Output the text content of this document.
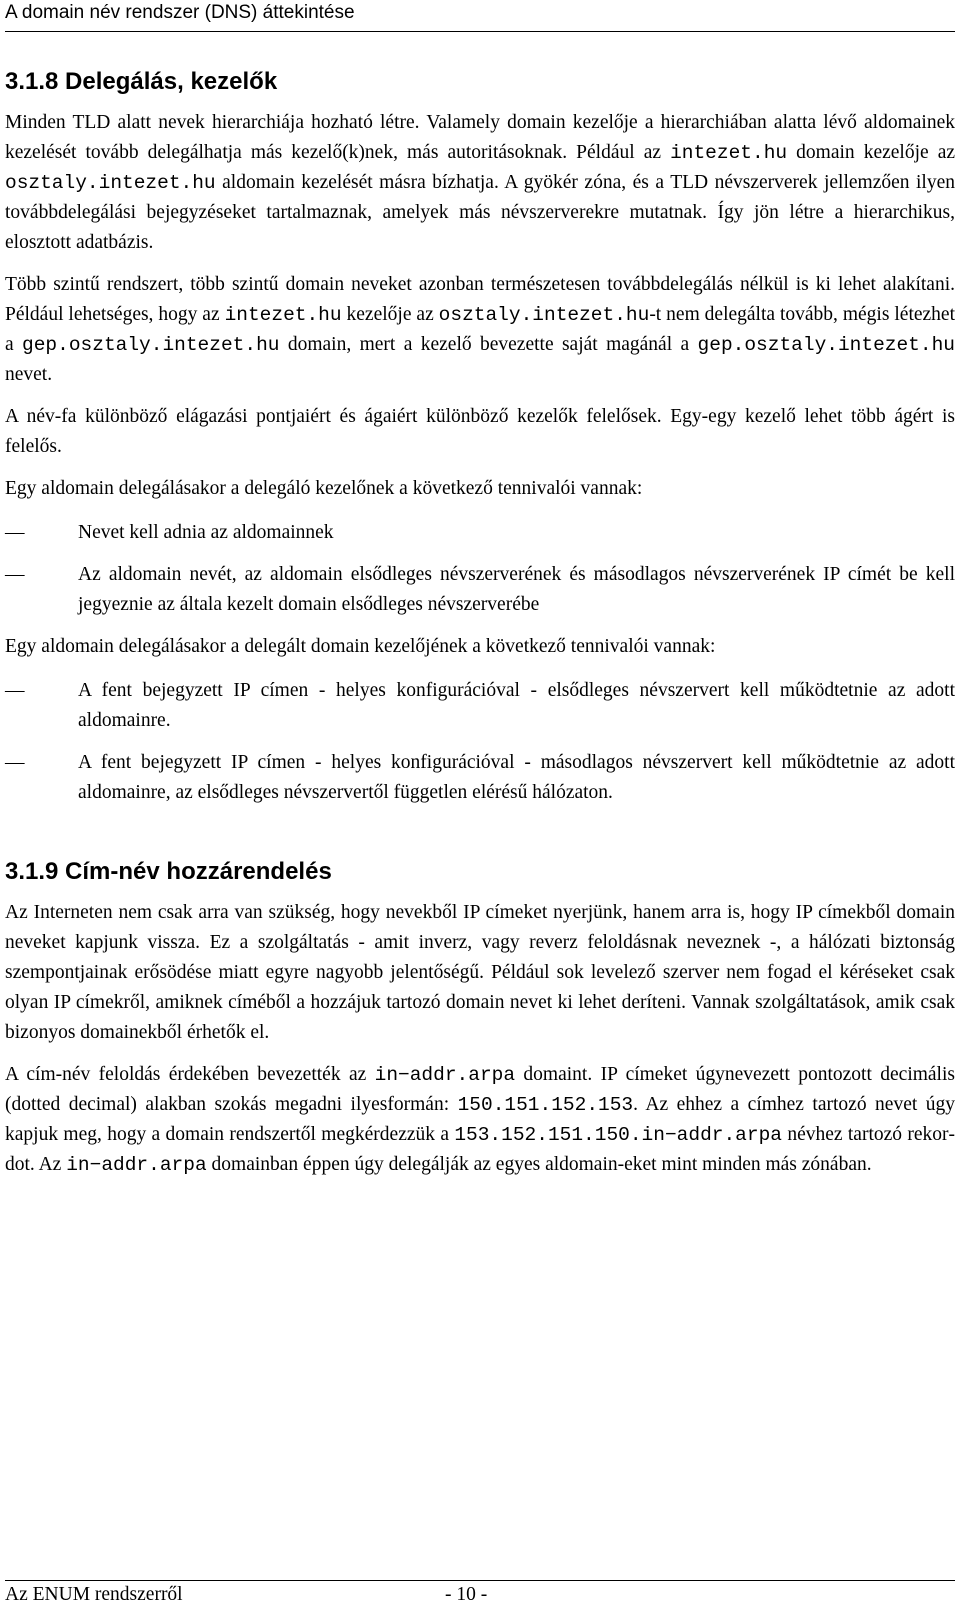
A domain név rendszer (DNS) áttekintése
3.1.8 Delegálás, kezelők

Minden TLD alatt nevek hierarchiája hozható létre. Valamely domain kezelője a hierarchiában alatta lévő aldomainek kezelését tovább delegálhatja más kezelő(k)nek, más autoritásoknak. Például az intezet.hu domain kezelője az osztaly.intezet.hu aldomain kezelését másra bízhatja. A gyökér zóna, és a TLD névszerverek jellemzően ilyen továbbdelegálási bejegyzéseket tartalmaznak, amelyek más névszerverekre mutatnak. Így jön létre a hierarchikus, elosztott adatbázis.

Több szintű rendszert, több szintű domain neveket azonban természetesen továbbdelegálás nélkül is ki lehet alakítani. Például lehetséges, hogy az intezet.hu kezelője az osztaly.intezet.hu-t nem delegálta tovább, mégis létezhet a gep.osztaly.intezet.hu domain, mert a kezelő bevezette saját magánál a gep.osztaly.intezet.hu nevet.

A név-fa különböző elágazási pontjaiért és ágaiért különböző kezelők felelősek. Egy-egy kezelő lehet több ágért is felelős.

Egy aldomain delegálásakor a delegáló kezelőnek a következő tennivalói vannak:

—	Nevet kell adnia az aldomainnek
—	Az aldomain nevét, az aldomain elsődleges névszerverének és másodlagos névszerverének IP címét be kell jegyeznie az általa kezelt domain elsődleges névszerverébe

Egy aldomain delegálásakor a delegált domain kezelőjének a következő tennivalói vannak:

—	A fent bejegyzett IP címen - helyes konfigurációval - elsődleges névszervert kell működtetnie az adott aldomainre.
—	A fent bejegyzett IP címen - helyes konfigurációval - másodlagos névszervert kell működtetnie az adott aldomainre, az elsődleges névszervertől független elérésű hálózaton.
3.1.9 Cím-név hozzárendelés

Az Interneten nem csak arra van szükség, hogy nevekből IP címeket nyerjünk, hanem arra is, hogy IP címekből domain neveket kapjunk vissza. Ez a szolgáltatás - amit inverz, vagy reverz feloldásnak neveznek -, a hálózati biztonság szempontjainak erősödése miatt egyre nagyobb jelentőségű. Például sok levelező szerver nem fogad el kéréseket csak olyan IP címekről, amiknek címéből a hozzájuk tartozó domain nevet ki lehet deríteni. Vannak szolgáltatások, amik csak bizonyos domainekből érhetők el.

A cím-név feloldás érdekében bevezették az in−addr.arpa domaint. IP címeket úgynevezett pontozott decimális (dotted decimal) alakban szokás megadni ilyesformán: 150.151.152.153. Az ehhez a címhez tartozó nevet úgy kapjuk meg, hogy a domain rendszertől megkérdezzük a 153.152.151.150.in−addr.arpa névhez tartozó rekordot. Az in−addr.arpa domainban éppen úgy delegálják az egyes aldomain-eket mint minden más zónában.

Az ENUM rendszerről	- 10 -
